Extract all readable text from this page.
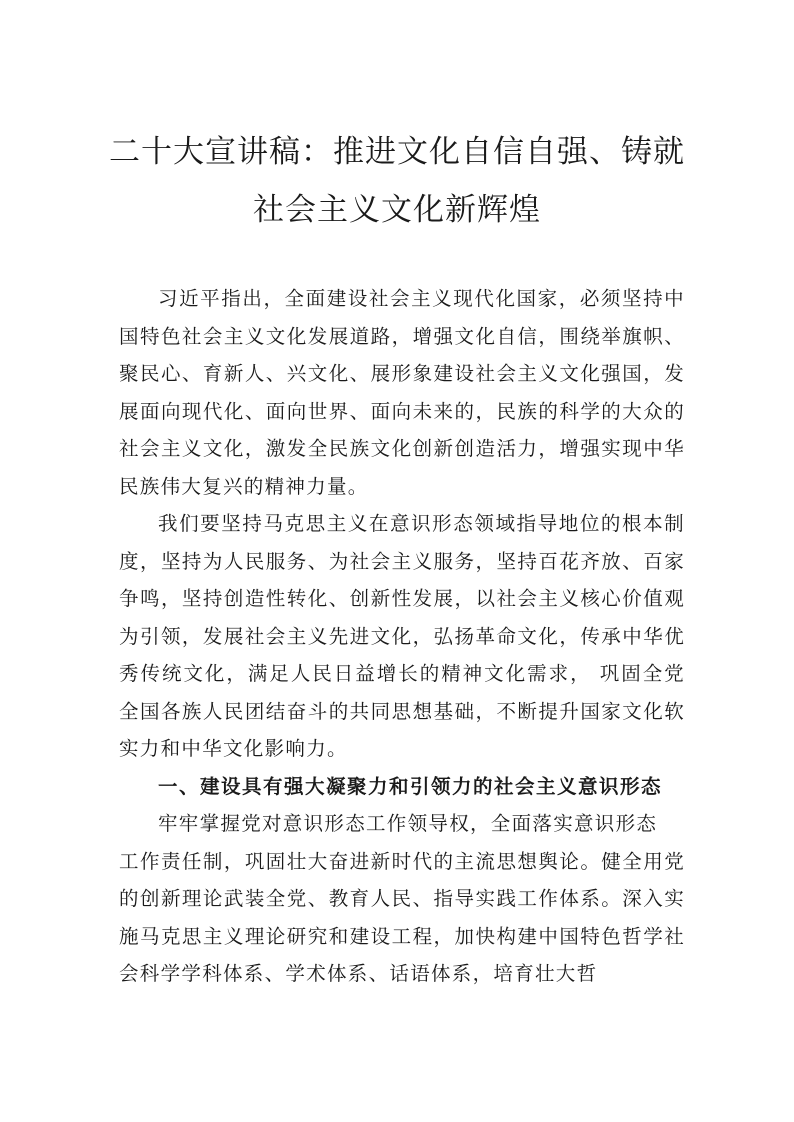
二十大宣讲稿：推进文化自信自强、铸就
社会主义文化新辉煌

习近平指出，全面建设社会主义现代化国家，必须坚持中国特色社会主义文化发展道路，增强文化自信，围绕举旗帜、聚民心、育新人、兴文化、展形象建设社会主义文化强国，发展面向现代化、面向世界、面向未来的，民族的科学的大众的社会主义文化，激发全民族文化创新创造活力，增强实现中华民族伟大复兴的精神力量。

我们要坚持马克思主义在意识形态领域指导地位的根本制度，坚持为人民服务、为社会主义服务，坚持百花齐放、百家争鸣，坚持创造性转化、创新性发展，以社会主义核心价值观为引领，发展社会主义先进文化，弘扬革命文化，传承中华优秀传统文化，满足人民日益增长的精神文化需求， 巩固全党全国各族人民团结奋斗的共同思想基础，不断提升国家文化软实力和中华文化影响力。

一、建设具有强大凝聚力和引领力的社会主义意识形态

牢牢掌握党对意识形态工作领导权，全面落实意识形态
工作责任制，巩固壮大奋进新时代的主流思想舆论。健全用党的创新理论武装全党、教育人民、指导实践工作体系。深入实施马克思主义理论研究和建设工程，加快构建中国特色哲学社会科学学科体系、学术体系、话语体系，培育壮大哲
